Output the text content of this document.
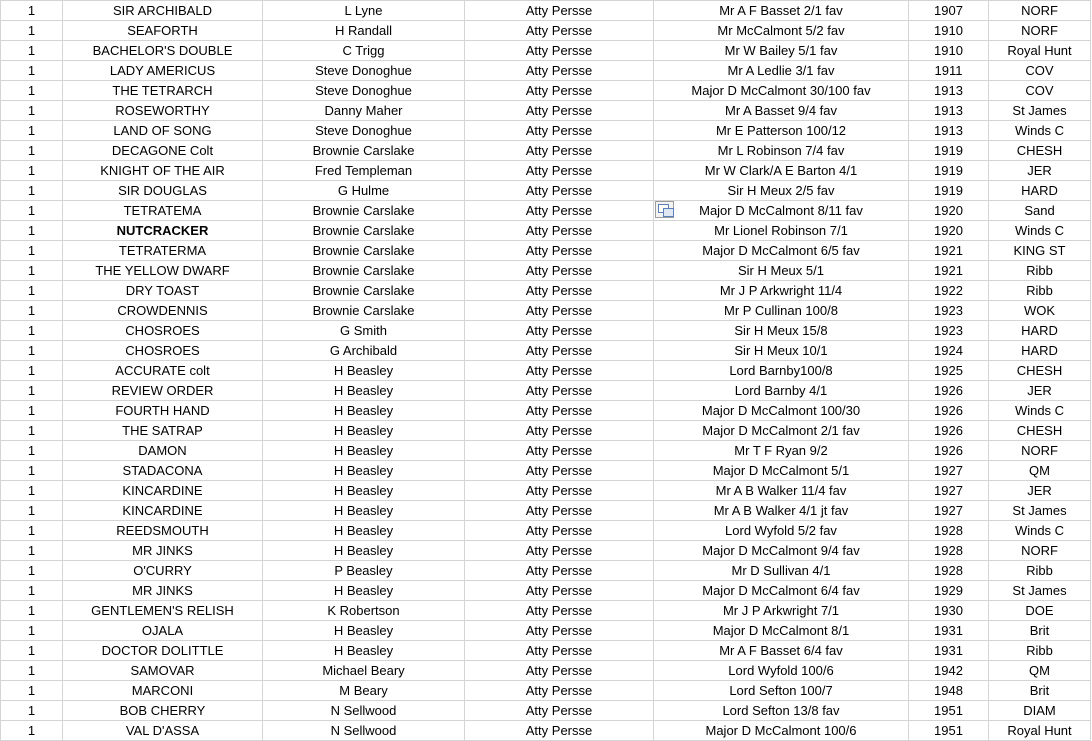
1	SIR ARCHIBALD	L Lyne	Atty Persse	Mr A F Basset 2/1 fav	1907	NORF
1	SEAFORTH	H Randall	Atty Persse	Mr McCalmont 5/2 fav	1910	NORF
1	BACHELOR'S DOUBLE	C Trigg	Atty Persse	Mr W Bailey 5/1 fav	1910	Royal Hunt
1	LADY AMERICUS	Steve Donoghue	Atty Persse	Mr A Ledlie 3/1 fav	1911	COV
1	THE TETRARCH	Steve Donoghue	Atty Persse	Major D McCalmont 30/100 fav	1913	COV
1	ROSEWORTHY	Danny Maher	Atty Persse	Mr A Basset 9/4 fav	1913	St James
1	LAND OF SONG	Steve Donoghue	Atty Persse	Mr E Patterson 100/12	1913	Winds C
1	DECAGONE Colt	Brownie Carslake	Atty Persse	Mr L Robinson 7/4 fav	1919	CHESH
1	KNIGHT OF THE AIR	Fred Templeman	Atty Persse	Mr W Clark/A E Barton 4/1	1919	JER
1	SIR DOUGLAS	G Hulme	Atty Persse	Sir H Meux 2/5 fav	1919	HARD
1	TETRATEMA	Brownie Carslake	Atty Persse	Major D McCalmont 8/11 fav	1920	Sand
1	NUTCRACKER	Brownie Carslake	Atty Persse	Mr Lionel Robinson 7/1	1920	Winds C
1	TETRATERMA	Brownie Carslake	Atty Persse	Major D McCalmont 6/5 fav	1921	KING ST
1	THE YELLOW DWARF	Brownie Carslake	Atty Persse	Sir H Meux 5/1	1921	Ribb
1	DRY TOAST	Brownie Carslake	Atty Persse	Mr J P Arkwright 11/4	1922	Ribb
1	CROWDENNIS	Brownie Carslake	Atty Persse	Mr P Cullinan 100/8	1923	WOK
1	CHOSROES	G Smith	Atty Persse	Sir H Meux 15/8	1923	HARD
1	CHOSROES	G Archibald	Atty Persse	Sir H Meux 10/1	1924	HARD
1	ACCURATE colt	H Beasley	Atty Persse	Lord Barnby100/8	1925	CHESH
1	REVIEW ORDER	H Beasley	Atty Persse	Lord Barnby 4/1	1926	JER
1	FOURTH HAND	H Beasley	Atty Persse	Major D McCalmont 100/30	1926	Winds C
1	THE SATRAP	H Beasley	Atty Persse	Major D McCalmont 2/1 fav	1926	CHESH
1	DAMON	H Beasley	Atty Persse	Mr T F Ryan 9/2	1926	NORF
1	STADACONA	H Beasley	Atty Persse	Major D McCalmont 5/1	1927	QM
1	KINCARDINE	H Beasley	Atty Persse	Mr A B Walker 11/4 fav	1927	JER
1	KINCARDINE	H Beasley	Atty Persse	Mr A B Walker 4/1 jt fav	1927	St James
1	REEDSMOUTH	H Beasley	Atty Persse	Lord Wyfold 5/2 fav	1928	Winds C
1	MR JINKS	H Beasley	Atty Persse	Major D McCalmont 9/4 fav	1928	NORF
1	O'CURRY	P Beasley	Atty Persse	Mr D Sullivan 4/1	1928	Ribb
1	MR JINKS	H Beasley	Atty Persse	Major D McCalmont 6/4 fav	1929	St James
1	GENTLEMEN'S RELISH	K Robertson	Atty Persse	Mr J P Arkwright 7/1	1930	DOE
1	OJALA	H Beasley	Atty Persse	Major D McCalmont 8/1	1931	Brit
1	DOCTOR DOLITTLE	H Beasley	Atty Persse	Mr A F Basset 6/4 fav	1931	Ribb
1	SAMOVAR	Michael Beary	Atty Persse	Lord Wyfold 100/6	1942	QM
1	MARCONI	M Beary	Atty Persse	Lord Sefton 100/7	1948	Brit
1	BOB CHERRY	N Sellwood	Atty Persse	Lord Sefton 13/8 fav	1951	DIAM
1	VAL D'ASSA	N Sellwood	Atty Persse	Major D McCalmont 100/6	1951	Royal Hunt
